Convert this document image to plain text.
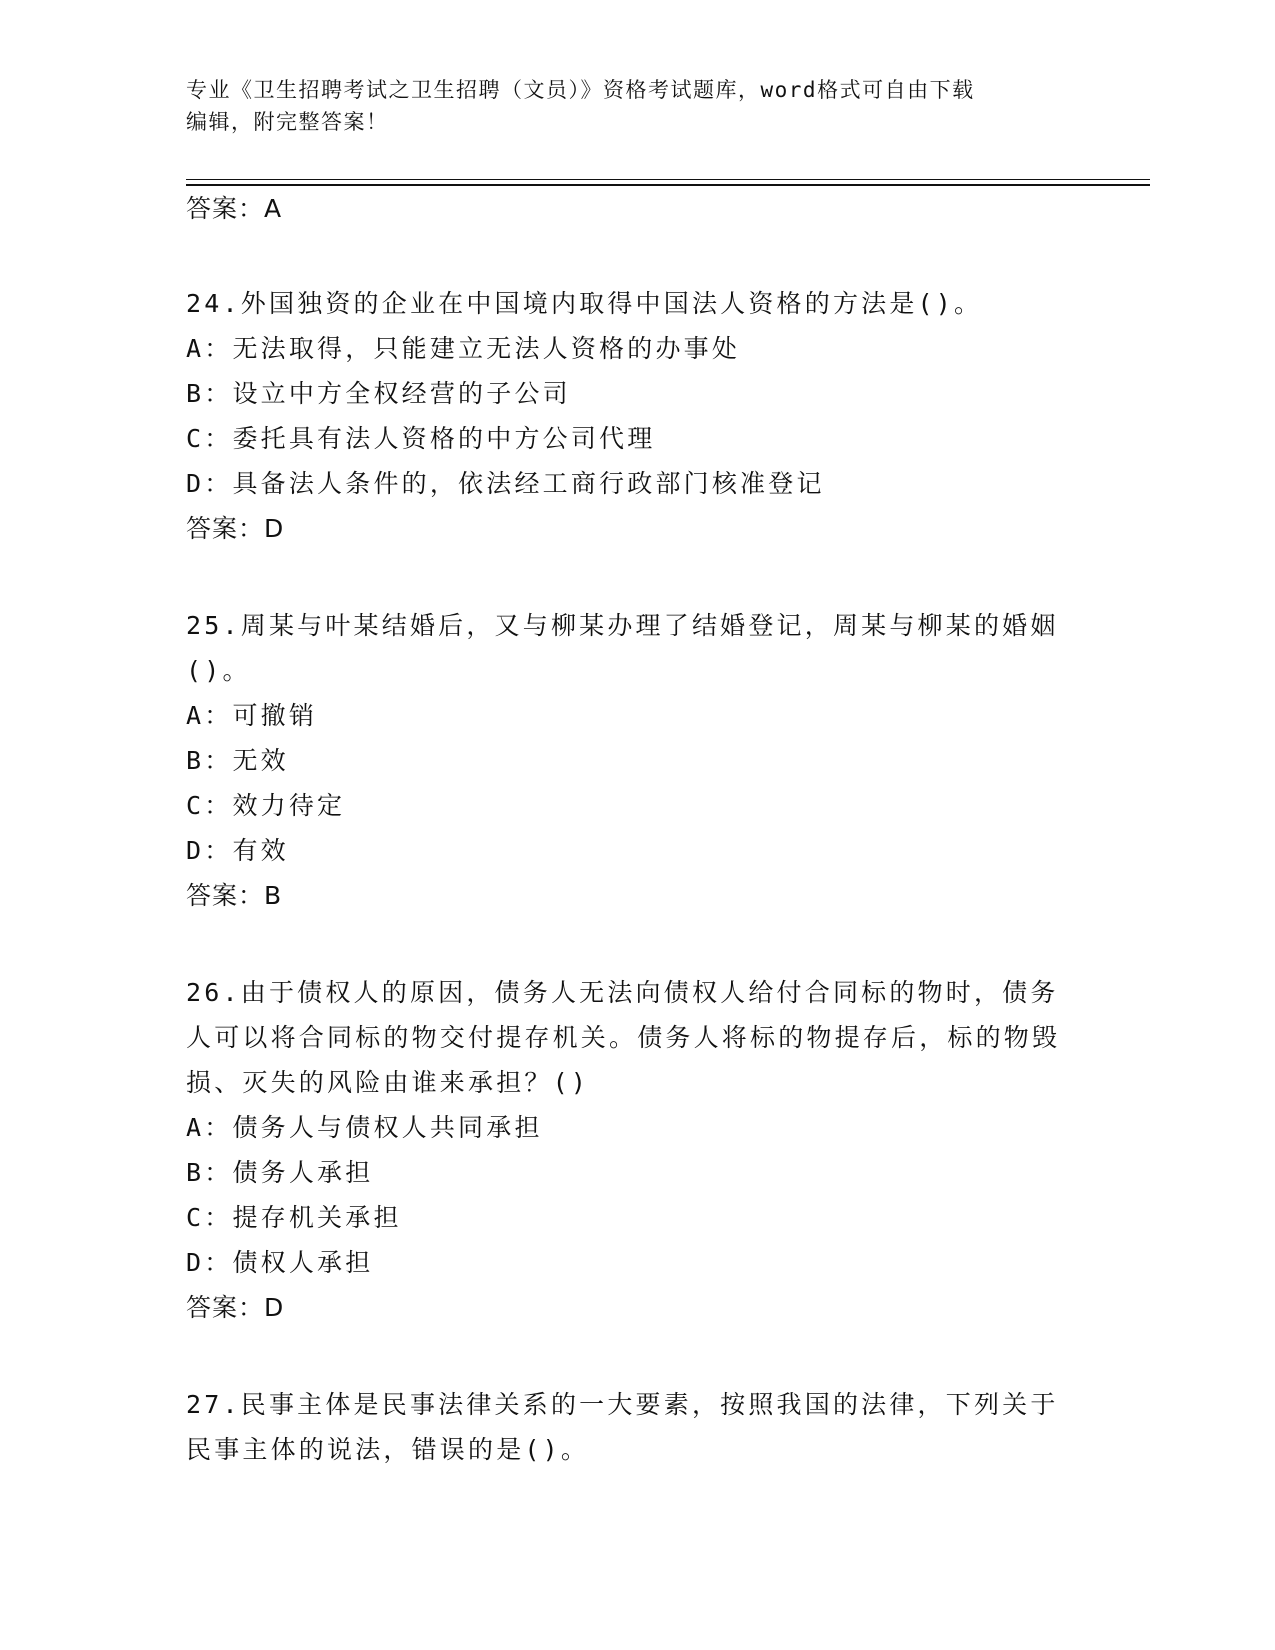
专业《卫生招聘考试之卫生招聘（文员）》资格考试题库，word格式可自由下载
编辑，附完整答案！
答案：A
24.外国独资的企业在中国境内取得中国法人资格的方法是()。
A：无法取得，只能建立无法人资格的办事处
B：设立中方全权经营的子公司
C：委托具有法人资格的中方公司代理
D：具备法人条件的，依法经工商行政部门核准登记
答案：D
25.周某与叶某结婚后，又与柳某办理了结婚登记，周某与柳某的婚姻()。
A：可撤销
B：无效
C：效力待定
D：有效
答案：B
26.由于债权人的原因，债务人无法向债权人给付合同标的物时，债务人可以将合同标的物交付提存机关。债务人将标的物提存后，标的物毁损、灭失的风险由谁来承担？()
A：债务人与债权人共同承担
B：债务人承担
C：提存机关承担
D：债权人承担
答案：D
27.民事主体是民事法律关系的一大要素，按照我国的法律，下列关于民事主体的说法，错误的是()。
